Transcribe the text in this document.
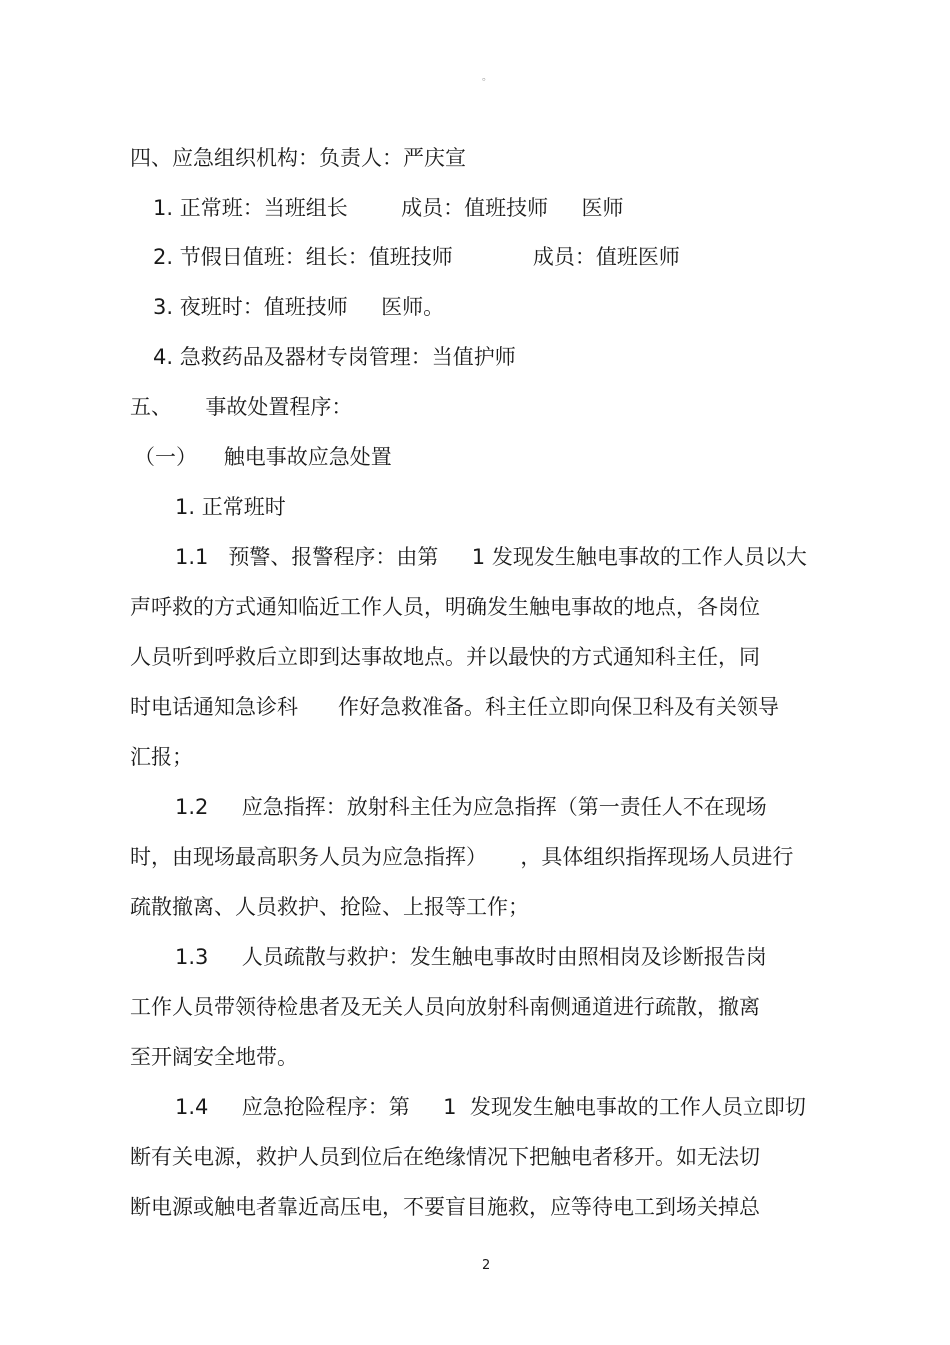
。
四、应急组织机构：负责人：严庆宣
1. 正常班：当班组长        成员：值班技师     医师
2. 节假日值班：组长：值班技师            成员：值班医师
3. 夜班时：值班技师     医师。
4. 急救药品及器材专岗管理：当值护师
五、     事故处置程序：
（一）    触电事故应急处置
1. 正常班时
1.1   预警、报警程序：由第     1 发现发生触电事故的工作人员以大
声呼救的方式通知临近工作人员，明确发生触电事故的地点，各岗位
人员听到呼救后立即到达事故地点。并以最快的方式通知科主任，同
时电话通知急诊科      作好急救准备。科主任立即向保卫科及有关领导
汇报；
1.2     应急指挥：放射科主任为应急指挥（第一责任人不在现场
时，由现场最高职务人员为应急指挥）     ，具体组织指挥现场人员进行
疏散撤离、人员救护、抢险、上报等工作；
1.3     人员疏散与救护：发生触电事故时由照相岗及诊断报告岗
工作人员带领待检患者及无关人员向放射科南侧通道进行疏散，撤离
至开阔安全地带。
1.4     应急抢险程序：第     1  发现发生触电事故的工作人员立即切
断有关电源，救护人员到位后在绝缘情况下把触电者移开。如无法切
断电源或触电者靠近高压电，不要盲目施救，应等待电工到场关掉总
2
